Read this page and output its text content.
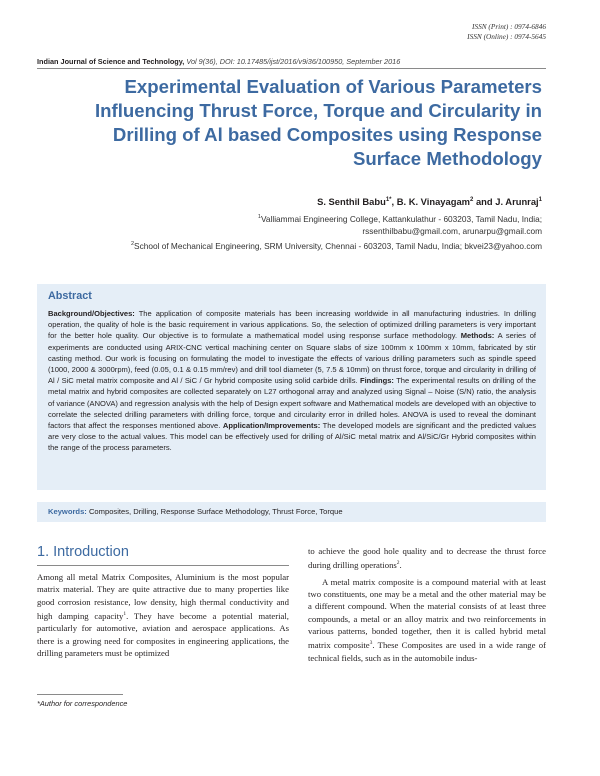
ISSN (Print) : 0974-6846
ISSN (Online) : 0974-5645
Indian Journal of Science and Technology, Vol 9(36), DOI: 10.17485/ijst/2016/v9i36/100950, September 2016
Experimental Evaluation of Various Parameters Influencing Thrust Force, Torque and Circularity in Drilling of Al based Composites using Response Surface Methodology
S. Senthil Babu$^{1*}$, B. K. Vinayagam$^2$ and J. Arunraj$^1$
$^1$Valliammai Engineering College, Kattankulathur - 603203, Tamil Nadu, India;
rssenthilbabu@gmail.com, arunarpu@gmail.com
$^2$School of Mechanical Engineering, SRM University, Chennai - 603203, Tamil Nadu, India; bkvei23@yahoo.com
Abstract
Background/Objectives: The application of composite materials has been increasing worldwide in all manufacturing industries. In drilling operation, the quality of hole is the basic requirement in various applications. So, the selection of optimized drilling parameters is very important for the better hole quality. Our objective is to formulate a mathematical model using response surface methodology. Methods: A series of experiments are conducted using ARIX-CNC vertical machining center on Square slabs of size 100mm x 100mm x 10mm, fabricated by stir casting method. Our work is focusing on formulating the model to investigate the effects of various drilling parameters such as spindle speed (1000, 2000 & 3000rpm), feed (0.05, 0.1 & 0.15 mm/rev) and drill tool diameter (5, 7.5 & 10mm) on thrust force, torque and circularity in drilling of Al / SiC metal matrix composite and Al / SiC / Gr hybrid composite using solid carbide drills. Findings: The experimental results on drilling of the metal matrix and hybrid composites are collected separately on L27 orthogonal array and analyzed using Signal – Noise (S/N) ratio, the analysis of variance (ANOVA) and regression analysis with the help of Design expert software and Mathematical models are developed with an objective to correlate the selected drilling parameters with drilling force, torque and circularity error in drilled holes. ANOVA is used to reveal the dominant factors that affect the responses mentioned above. Application/Improvements: The developed models are significant and the predicted values are very close to the actual values. This model can be effectively used for drilling of Al/SiC metal matrix and Al/SiC/Gr Hybrid composites within the range of the process parameters.
Keywords: Composites, Drilling, Response Surface Methodology, Thrust Force, Torque
1. Introduction

Among all metal Matrix Composites, Aluminium is the most popular matrix material. They are quite attractive due to many properties like good corrosion resistance, low density, high thermal conductivity and high damping capacity$^1$. They have become a potential material, particularly for automotive, aviation and aerospace applications. As there is a growing need for composites in engineering applications, the drilling parameters must be optimized

to achieve the good hole quality and to decrease the thrust force during drilling operations$^2$.

A metal matrix composite is a compound material with at least two constituents, one may be a metal and the other material may be a different compound. When the material consists of at least three compounds, a metal or an alloy matrix and two reinforcements in various patterns, bonded together, then it is called hybrid metal matrix composite$^3$. These Composites are used in a wide range of technical fields, such as in the automobile indus-

*Author for correspondence
